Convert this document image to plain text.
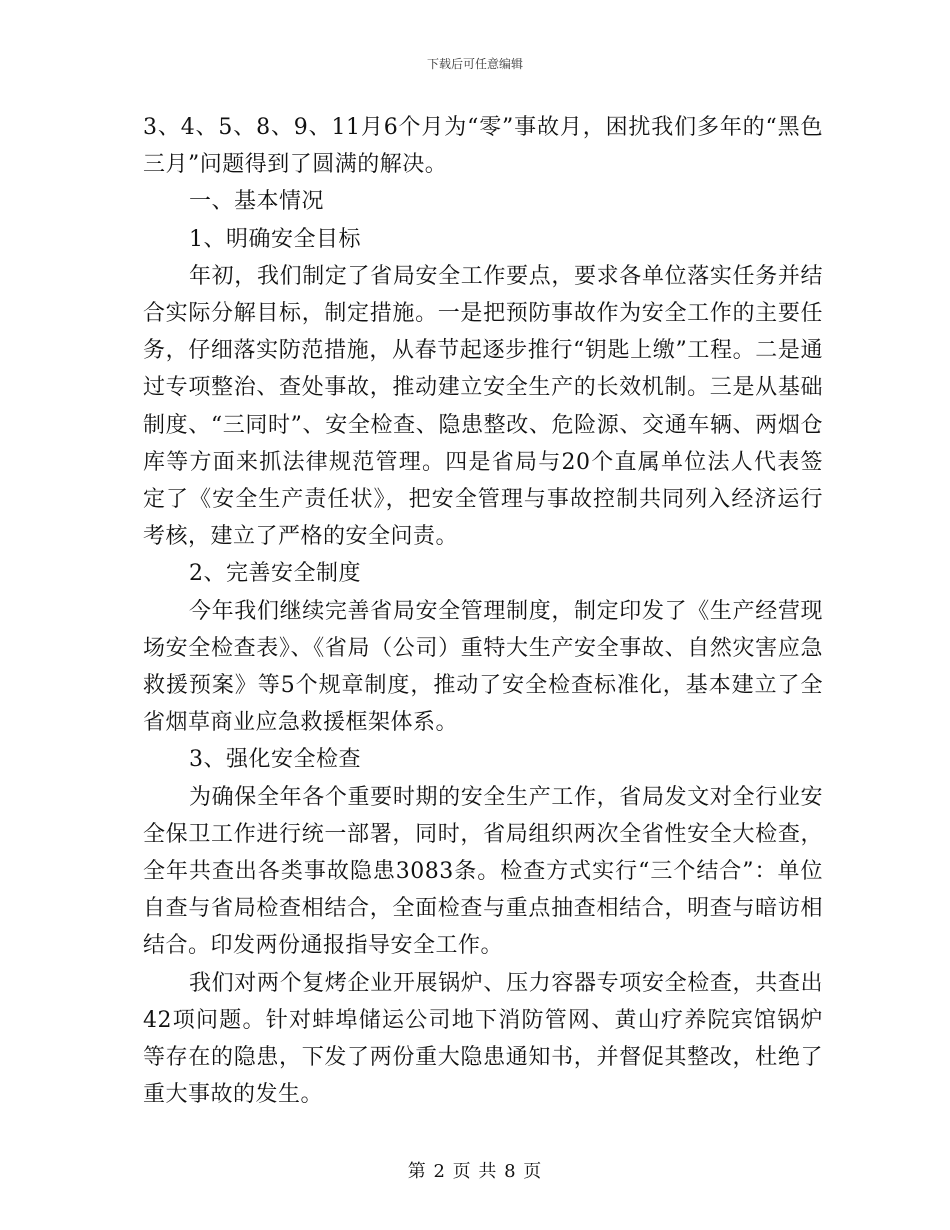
下载后可任意编辑

3、4、5、8、9、11月6个月为“零”事故月，困扰我们多年的“黑色三月”问题得到了圆满的解决。

一、基本情况

1、明确安全目标

年初，我们制定了省局安全工作要点，要求各单位落实任务并结合实际分解目标，制定措施。一是把预防事故作为安全工作的主要任务，仔细落实防范措施，从春节起逐步推行“钥匙上缴”工程。二是通过专项整治、查处事故，推动建立安全生产的长效机制。三是从基础制度、“三同时”、安全检查、隐患整改、危险源、交通车辆、两烟仓库等方面来抓法律规范管理。四是省局与20个直属单位法人代表签定了《安全生产责任状》，把安全管理与事故控制共同列入经济运行考核，建立了严格的安全问责。

2、完善安全制度

今年我们继续完善省局安全管理制度，制定印发了《生产经营现场安全检查表》、《省局（公司）重特大生产安全事故、自然灾害应急救援预案》等5个规章制度，推动了安全检查标准化，基本建立了全省烟草商业应急救援框架体系。

3、强化安全检查

为确保全年各个重要时期的安全生产工作，省局发文对全行业安全保卫工作进行统一部署，同时，省局组织两次全省性安全大检查，全年共查出各类事故隐患3083条。检查方式实行“三个结合”：单位自查与省局检查相结合，全面检查与重点抽查相结合，明查与暗访相结合。印发两份通报指导安全工作。

我们对两个复烤企业开展锅炉、压力容器专项安全检查，共查出42项问题。针对蚌埠储运公司地下消防管网、黄山疗养院宾馆锅炉等存在的隐患，下发了两份重大隐患通知书，并督促其整改，杜绝了重大事故的发生。

第 2 页 共 8 页
